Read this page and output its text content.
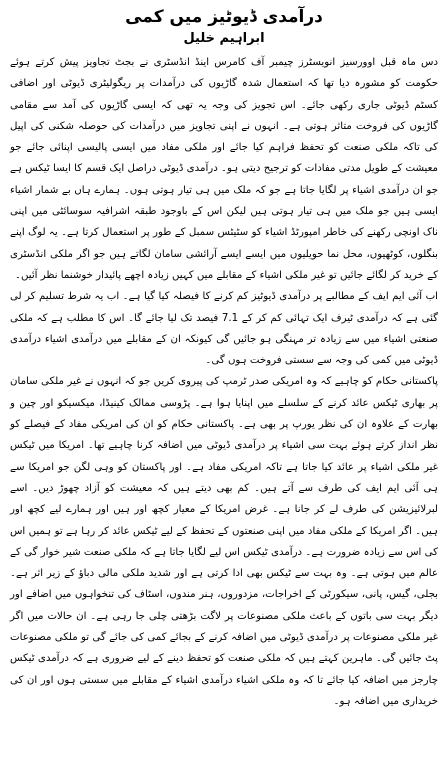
درآمدی ڈیوٹیز میں کمی
ابراہیم خلیل

دس ماہ قبل اوورسیز انویسٹرز چیمبر آف کامرس اینڈ انڈسٹری نے بجٹ تجاویز پیش کرتے ہوئے حکومت کو مشورہ دیا تھا کہ استعمال شدہ گاڑیوں کی درآمدات پر ریگولیٹری ڈیوٹی اور اضافی کسٹم ڈیوٹی جاری رکھی جائے۔ اس تجویز کی وجہ یہ تھی کہ ایسی گاڑیوں کی آمد سے مقامی گاڑیوں کی فروخت متاثر ہوتی ہے۔ انہوں نے اپنی تجاویز میں درآمدات کی حوصلہ شکنی کی اپیل کی تاکہ ملکی صنعت کو تحفظ فراہم کیا جائے اور ملکی مفاد میں ایسی پالیسی اپنائی جائے جو معیشت کے طویل مدتی مفادات کو ترجیح دیتی ہو۔ درآمدی ڈیوٹی دراصل ایک قسم کا ایسا ٹیکس ہے جو ان درآمدی اشیاء پر لگایا جاتا ہے جو کہ ملک میں ہی تیار ہوتی ہوں۔ ہمارے ہاں بے شمار اشیاء ایسی ہیں جو ملک میں ہی تیار ہوتی ہیں لیکن اس کے باوجود طبقہ اشرافیہ سوسائٹی میں اپنی ناک اونچی رکھنے کی خاطر امپورٹڈ اشیاء کو سٹیٹس سمبل کے طور پر استعمال کرتا ہے۔ یہ لوگ اپنے بنگلوں، کوٹھیوں، محل نما حویلیوں میں ایسے ایسے آرائشی سامان لگاتے ہیں جو اگر ملکی انڈسٹری کے خرید کر لگائے جائیں تو غیر ملکی اشیاء کے مقابلے میں کہیں زیادہ اچھے پائیدار خوشنما نظر آئیں۔

اب آئی ایم ایف کے مطالبے پر درآمدی ڈیوٹیز کم کرنے کا فیصلہ کیا گیا ہے۔ اب یہ شرط تسلیم کر لی گئی ہے کہ درآمدی ٹیرف ایک تہائی کم کر کے 7.1 فیصد تک لیا جائے گا۔ اس کا مطلب ہے کہ ملکی صنعتی اشیاء میں سے زیادہ تر مہنگی ہو جائیں گی کیونکہ ان کے مقابلے میں درآمدی اشیاء درآمدی ڈیوٹی میں کمی کی وجہ سے سستی فروخت ہوں گی۔

پاکستانی حکام کو چاہیے کہ وہ امریکی صدر ٹرمپ کی پیروی کریں جو کہ انہوں نے غیر ملکی سامان پر بھاری ٹیکس عائد کرنے کے سلسلے میں اپنایا ہوا ہے۔ پڑوسی ممالک کینیڈا، میکسیکو اور چین و بھارت کے علاوہ ان کی نظر یورپ پر بھی ہے۔ پاکستانی حکام کو ان کی امریکی مفاد کے فیصلے کو نظر انداز کرتے ہوئے بہت سی اشیاء پر درآمدی ڈیوٹی میں اضافہ کرنا چاہیے تھا۔ امریکا میں ٹیکس غیر ملکی اشیاء پر عائد کیا جاتا ہے تاکہ امریکی مفاد ہے۔ اور پاکستان کو وہی لگن جو امریکا سے ہی آئی ایم ایف کی طرف سے آتے ہیں۔ کم بھی دیتے ہیں کہ معیشت کو آزاد چھوڑ دیں۔ اسے لبرلائیزیشن کی طرف لے کر جانا ہے۔ غرض امریکا کے معیار کچھ اور ہیں اور ہمارے لیے کچھ اور ہیں۔ اگر امریکا کے ملکی مفاد میں اپنی صنعتوں کے تحفظ کے لیے ٹیکس عائد کر رہا ہے تو ہمیں اس کی اس سے زیادہ ضرورت ہے۔ درآمدی ٹیکس اس لیے لگایا جاتا ہے کہ ملکی صنعت شیر خوار گی کے عالم میں ہوتی ہے۔ وہ بہت سے ٹیکس بھی ادا کرتی ہے اور شدید ملکی مالی دباؤ کے زیر اثر ہے۔ بجلی، گیس، پانی، سیکورٹی کے اخراجات، مزدوروں، ہنر مندوں، اسٹاف کی تنخواہوں میں اضافے اور دیگر بہت سی باتوں کے باعث ملکی مصنوعات پر لاگت بڑھتی چلی جا رہی ہے۔ ان حالات میں اگر غیر ملکی مصنوعات پر درآمدی ڈیوٹی میں اضافہ کرنے کے بجائے کمی کی جائے گی تو ملکی مصنوعات پٹ جائیں گی۔ ماہرین کہتے ہیں کہ ملکی صنعت کو تحفظ دینے کے لیے ضروری ہے کہ درآمدی ٹیکس چارجز میں اضافہ کیا جائے تا کہ وہ ملکی اشیاء درآمدی اشیاء کے مقابلے میں سستی ہوں اور ان کی خریداری میں اضافہ ہو۔
